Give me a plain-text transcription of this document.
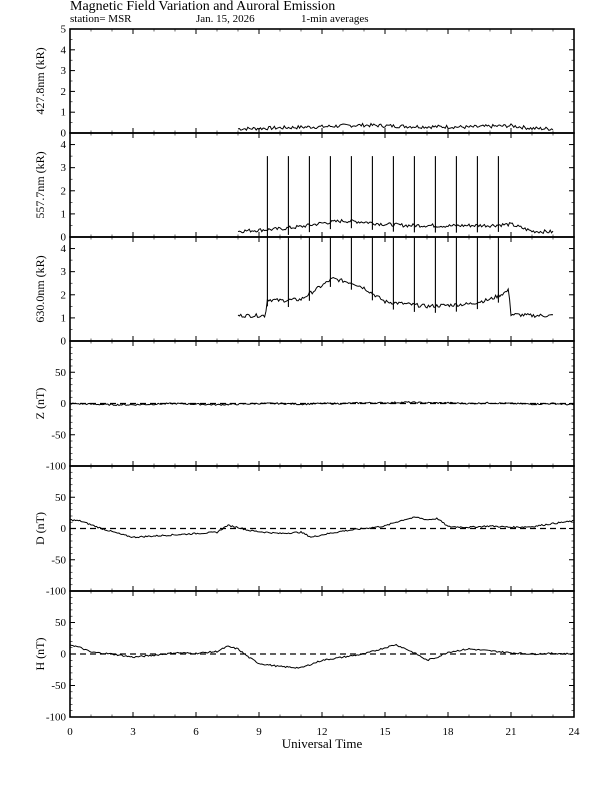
Magnetic Field Variation and Auroral Emission
station= MSR	Jan. 15, 2026	1-min averages
0
1
2
3
4
5
427.8nm (kR)
0
1
2
3
4
557.7nm (kR)
0
1
2
3
4
630.0nm (kR)
-100
-50
0
50
Z (nT)
-100
-50
0
50
D (nT)
-100
-50
0
50
H (nT)
0	3	6	9	12	15	18	21	24
Universal Time
